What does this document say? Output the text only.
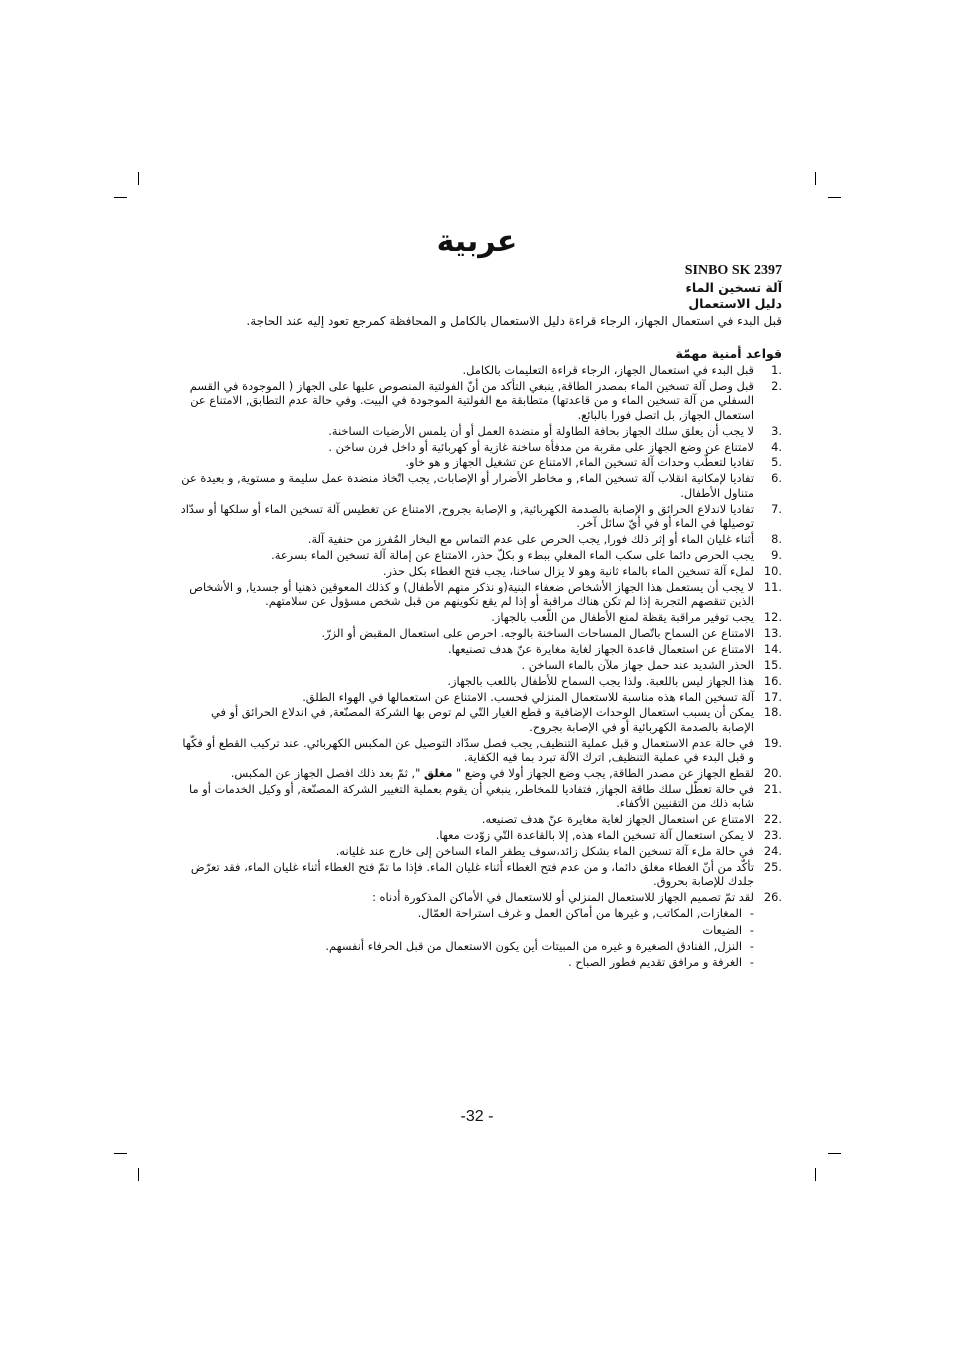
عربية
SINBO SK 2397
آلة تسخين الماء
دليل الاستعمال
قبل البدء في استعمال الجهاز، الرجاء قراءة دليل الاستعمال بالكامل و المحافظة كمرجع تعود إليه عند الحاجة.
قواعد أمنية مهمّة
1.
قبل البدء في استعمال الجهاز، الرجاء قراءة التعليمات بالكامل.
2.
قبل وصل آلة تسخين الماء بمصدر الطاقة, ينبغي التأكد من أنّ الفولتية المنصوص عليها على الجهاز ( الموجودة في القسم السفلي من آلة تسخين الماء و من قاعدتها) متطابقة مع الفولتية الموجودة في البيت. وفي حالة عدم التطابق, الامتناع عن استعمال الجهاز, بل اتصل فورا بالبائع.
3.
لا يجب أن يعلق سلك الجهاز بحافة الطاولة أو منضدة العمل أو أن يلمس الأرضيات الساخنة.
4.
لامتناع عن وضع الجهاز على مقربة من مدفأة ساخنة غازية أو كهربائية أو داخل فرن ساخن .
5.
تفاديا لتعطّب وحدات آلة تسخين الماء, الامتناع عن تشغيل الجهاز و هو خاو.
6.
تفاديا لإمكانية انقلاب آلة تسخين الماء, و مخاطر الأضرار أو الإصابات, يجب اتّخاذ منضدة عمل سليمة و مستوية, و بعيدة عن متناول الأطفال.
7.
تفاديا لاندلاع الحرائق و الإصابة بالصدمة الكهربائية, و الإصابة بجروح, الامتناع عن تغطيس آلة تسخين الماء أو سلكها أو سدّاد توصيلها في الماء أو في أيّ سائل آخر.
8.
أثناء غليان الماء أو إثر ذلك فورا, يجب الحرص على عدم التماس مع البخار المُفرز من حنفية آلة.
9.
يجب الحرص دائما على سكب الماء المغلي ببطء و بكلّ حذر، الامتناع عن إمالة آلة تسخين الماء بسرعة.
10.
لملء آلة تسخين الماء بالماء ثانية وهو لا يزال ساخنا، يجب فتح الغطاء بكل حذر.
11.
لا يجب أن يستعمل هذا الجهاز الأشخاص ضعفاء البنية(و نذكر منهم الأطفال) و كذلك المعوقين ذهنيا أو جسديا, و الأشخاص الذين تنقصهم التجربة إذا لم تكن هناك مراقبة أو إذا لم يقع تكوينهم من قبل شخص مسؤول عن سلامتهم.
12.
يجب توفير مراقبة يقظة لمنع الأطفال من اللّعب بالجهاز.
13.
الامتناع عن السماح باتّصال المساحات الساخنة بالوجه. احرص على استعمال المقبض أو الزرّ.
14.
الامتناع عن استعمال قاعدة الجهاز لغاية مغايرة عنّ هدف تصنيعها.
15.
الحذر الشديد عند حمل جهاز ملآن بالماء الساخن .
16.
هذا الجهاز ليس باللعبة. ولذا يجب السماح للأطفال باللعب بالجهاز.
17.
آلة تسخين الماء هذه مناسبة للاستعمال المنزلي فحسب. الامتناع عن استعمالها في الهواء الطلق.
18.
يمكن أن يسبب استعمال الوحدات الإضافية و قطع الغيار التّي لم توص بها الشركة المصنّعة, في اندلاع الحرائق أو في الإصابة بالصدمة الكهربائية أو في الإصابة بجروح.
19.
في حالة عدم الاستعمال و قبل عملية التنظيف, يجب فصل سدّاد التوصيل عن المكبس الكهربائي. عند تركيب القطع أو فكّها و قبل البدء في عملية التنظيف, اترك الآلة تبرد بما فيه الكفاية.
20.
لقطع الجهاز عن مصدر الطاقة, يجب وضع الجهاز أولا في وضع " مغلق ", ثمّ بعد ذلك افصل الجهاز عن المكبس.
21.
في حالة تعطّل سلك طاقة الجهاز, فتفاديا للمخاطر, ينبغي أن يقوم بعملية التغيير الشركة المصنّعة, أو وكيل الخدمات أو ما شابه ذلك من التقنيين الأكفاء.
22.
الامتناع عن استعمال الجهاز لغاية مغايرة عنّ هدف تصنيعه.
23.
لا يمكن استعمال آلة تسخين الماء هذه, إلا بالقاعدة التّي زوّدت معها.
24.
في حالة ملء آلة تسخين الماء بشكل زائد،سوف يطفر الماء الساخن إلى خارج عند غليانه.
25.
تأكّد من أنّ الغطاء مغلق دائما، و من عدم فتح الغطاء أثناء غليان الماء. فإذا ما تمّ فتح الغطاء أثناء غليان الماء، فقد تعرّض جلدك للإصابة بحروق.
26.
لقد تمّ تصميم الجهاز للاستعمال المنزلي أو للاستعمال في الأماكن المذكورة أدناه :
- المغازات, المكاتب, و غيرها من أماكن العمل و غرف استراحة العمّال.
- الضيعات
- النزل, الفنادق الصغيرة و غيره من المبيتات أين يكون الاستعمال من قبل الحرفاء أنفسهم.
- الغرفة و مرافق تقديم فطور الصباح .
-32 -
